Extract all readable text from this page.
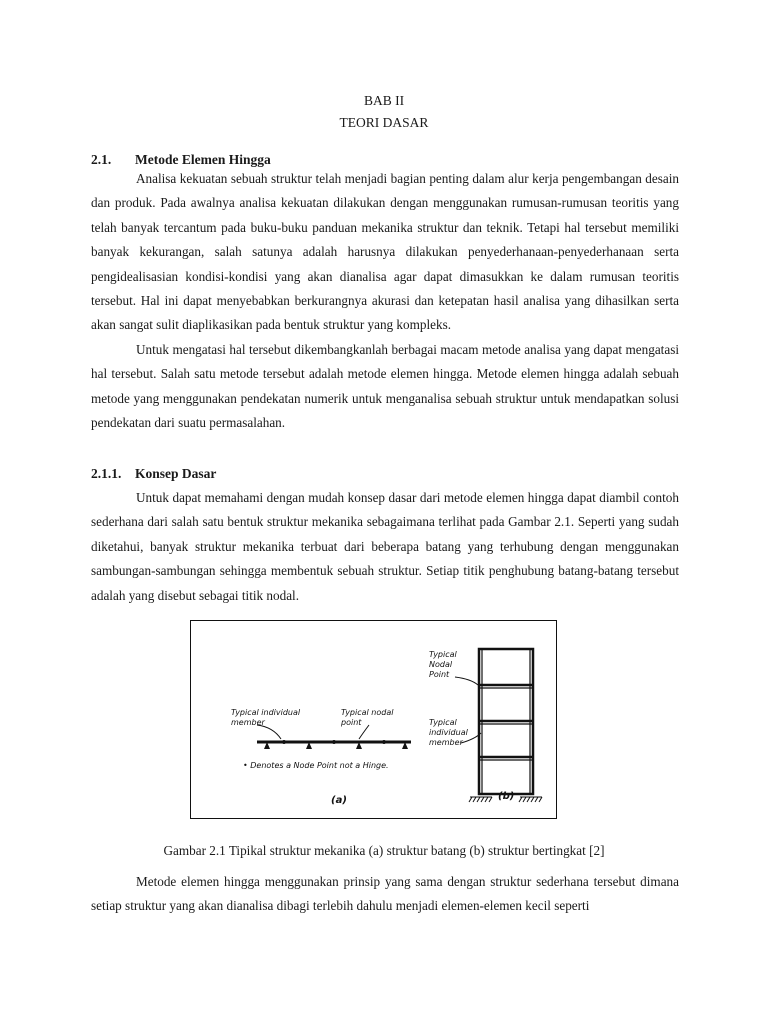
BAB II
TEORI DASAR
2.1. Metode Elemen Hingga

Analisa kekuatan sebuah struktur telah menjadi bagian penting dalam alur kerja pengembangan desain dan produk. Pada awalnya analisa kekuatan dilakukan dengan menggunakan rumusan-rumusan teoritis yang telah banyak tercantum pada buku-buku panduan mekanika struktur dan teknik. Tetapi hal tersebut memiliki banyak kekurangan, salah satunya adalah harusnya dilakukan penyederhanaan-penyederhanaan serta pengidealisasian kondisi-kondisi yang akan dianalisa agar dapat dimasukkan ke dalam rumusan teoritis tersebut. Hal ini dapat menyebabkan berkurangnya akurasi dan ketepatan hasil analisa yang dihasilkan serta akan sangat sulit diaplikasikan pada bentuk struktur yang kompleks.

Untuk mengatasi hal tersebut dikembangkanlah berbagai macam metode analisa yang dapat mengatasi hal tersebut. Salah satu metode tersebut adalah metode elemen hingga. Metode elemen hingga adalah sebuah metode yang menggunakan pendekatan numerik untuk menganalisa sebuah struktur untuk mendapatkan solusi pendekatan dari suatu permasalahan.

2.1.1. Konsep Dasar

Untuk dapat memahami dengan mudah konsep dasar dari metode elemen hingga dapat diambil contoh sederhana dari salah satu bentuk struktur mekanika sebagaimana terlihat pada Gambar 2.1. Seperti yang sudah diketahui, banyak struktur mekanika terbuat dari beberapa batang yang terhubung dengan menggunakan sambungan-sambungan sehingga membentuk sebuah struktur. Setiap titik penghubung batang-batang tersebut adalah yang disebut sebagai titik nodal.

Typical individual
member
Typical nodal
point
• Denotes a Node Point not a Hinge.
(a)
Typical
Nodal
Point
Typical
individual
member
(b)
Gambar 2.1 Tipikal struktur mekanika (a) struktur batang (b) struktur bertingkat [2]

Metode elemen hingga menggunakan prinsip yang sama dengan struktur sederhana tersebut dimana setiap struktur yang akan dianalisa dibagi terlebih dahulu menjadi elemen-elemen kecil seperti
